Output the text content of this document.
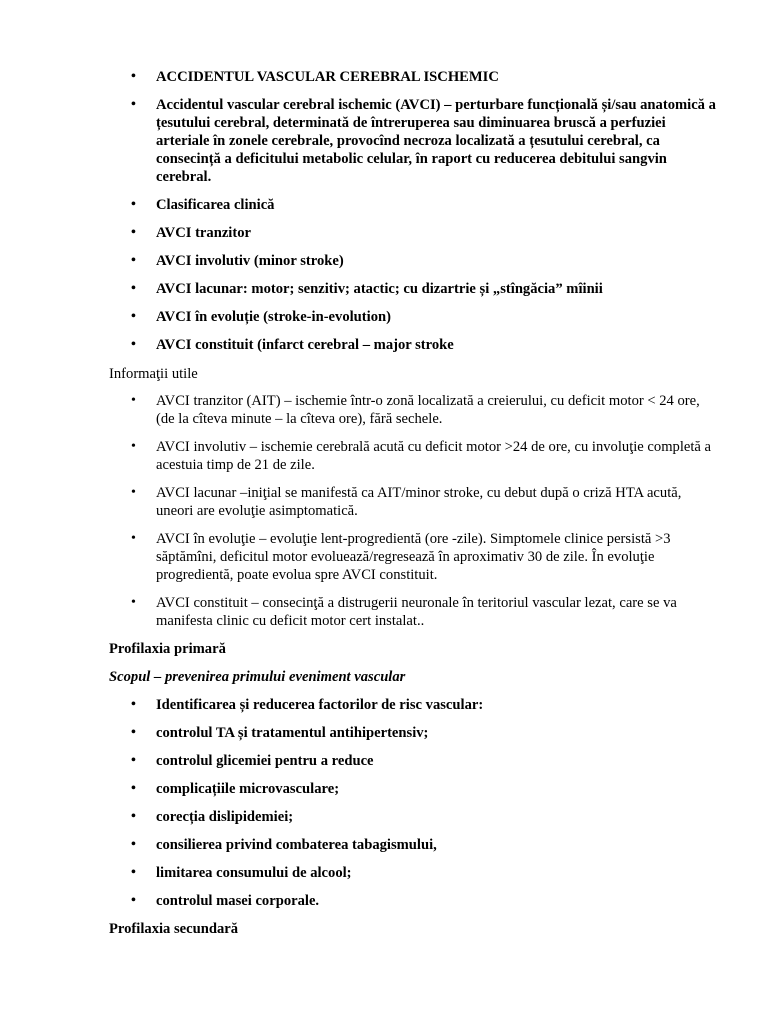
• ACCIDENTUL VASCULAR CEREBRAL ISCHEMIC
• Accidentul vascular cerebral ischemic (AVCI) – perturbare funcțională și/sau anatomică a țesutului cerebral, determinată de întreruperea sau diminuarea bruscă a perfuziei arteriale în zonele cerebrale, provocînd necroza localizată a țesutului cerebral, ca consecință a deficitului metabolic celular, în raport cu reducerea debitului sangvin cerebral.
• Clasificarea clinică
• AVCI tranzitor
• AVCI involutiv (minor stroke)
• AVCI lacunar: motor; senzitiv; atactic; cu dizartrie și „stîngăcia” mîinii
• AVCI în evoluție (stroke-in-evolution)
• AVCI constituit (infarct cerebral – major stroke
Informaţii utile
• AVCI tranzitor (AIT) – ischemie într-o zonă localizată a creierului, cu deficit motor < 24 ore, (de la cîteva minute – la cîteva ore), fără sechele.
• AVCI involutiv – ischemie cerebrală acută cu deficit motor >24 de ore, cu involuţie completă a acestuia timp de 21 de zile.
• AVCI lacunar –iniţial se manifestă ca AIT/minor stroke, cu debut după o criză HTA acută, uneori are evoluţie asimptomatică.
• AVCI în evoluţie – evoluţie lent-progredientă (ore -zile). Simptomele clinice persistă >3 săptămîni, deficitul motor evoluează/regresează în aproximativ 30 de zile. În evoluţie progredientă, poate evolua spre AVCI constituit.
• AVCI constituit – consecinţă a distrugerii neuronale în teritoriul vascular lezat, care se va manifesta clinic cu deficit motor cert instalat..
Profilaxia primară
Scopul – prevenirea primului eveniment vascular
• Identificarea și reducerea factorilor de risc vascular:
• controlul TA și tratamentul antihipertensiv;
• controlul glicemiei pentru a reduce
• complicațiile microvasculare;
• corecția dislipidemiei;
• consilierea privind combaterea tabagismului,
• limitarea consumului de alcool;
• controlul masei corporale.
Profilaxia secundară
